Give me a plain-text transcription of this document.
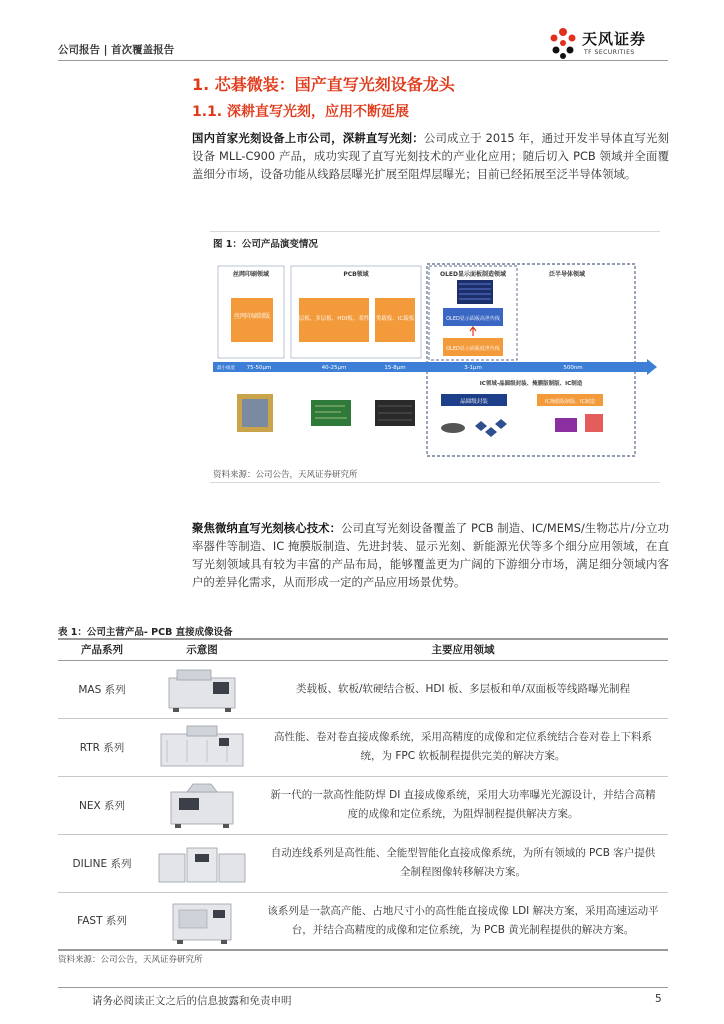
公司报告 | 首次覆盖报告
天风证券
TF SECURITIES
1. 芯碁微装：国产直写光刻设备龙头
1.1. 深耕直写光刻，应用不断延展

国内首家光刻设备上市公司，深耕直写光刻：公司成立于 2015 年，通过开发半导体直写光刻设备 MLL-C900 产品，成功实现了直写光刻技术的产业化应用；随后切入 PCB 领域并全面覆盖细分市场，设备功能从线路层曝光扩展至阻焊层曝光；目前已经拓展至泛半导体领域。

图 1：公司产品演变情况
丝网印刷领域	PCB领域	OLED显示面板制造领域	泛半导体领域
丝网印刷制版	单层板、多层板、HDI板、柔性板 类载板、IC载板	OLED显示面板高世代线
OLED显示面板低世代线
最小线宽 75-50μm	40-25μm	15-8μm	3-1μm	500nm
IC领域-晶圆级封装、掩膜版制版、IC制造
晶圆级封装	IC掩膜版制版、IC制造
资料来源：公司公告，天风证券研究所

聚焦微纳直写光刻核心技术：公司直写光刻设备覆盖了 PCB 制造、IC/MEMS/生物芯片/分立功率器件等制造、IC 掩膜版制造、先进封装、显示光刻、新能源光伏等多个细分应用领域，在直写光刻领域具有较为丰富的产品布局，能够覆盖更为广阔的下游细分市场，满足细分领域内客户的差异化需求，从而形成一定的产品应用场景优势。

表 1：公司主营产品- PCB 直接成像设备
产品系列	示意图	主要应用领域
MAS 系列		类载板、软板/软硬结合板、HDI 板、多层板和单/双面板等线路曝光制程
RTR 系列		高性能、卷对卷直接成像系统，采用高精度的成像和定位系统结合卷对卷上下料系统，为 FPC 软板制程提供完美的解决方案。
NEX 系列		新一代的一款高性能防焊 DI 直接成像系统，采用大功率曝光光源设计，并结合高精度的成像和定位系统，为阻焊制程提供解决方案。
DILINE 系列		自动连线系列是高性能、全能型智能化直接成像系统，为所有领域的 PCB 客户提供全制程图像转移解决方案。
FAST 系列		该系列是一款高产能、占地尺寸小的高性能直接成像 LDI 解决方案，采用高速运动平台，并结合高精度的成像和定位系统，为 PCB 黄光制程提供的解决方案。
资料来源：公司公告，天风证券研究所
请务必阅读正文之后的信息披露和免责申明	5
